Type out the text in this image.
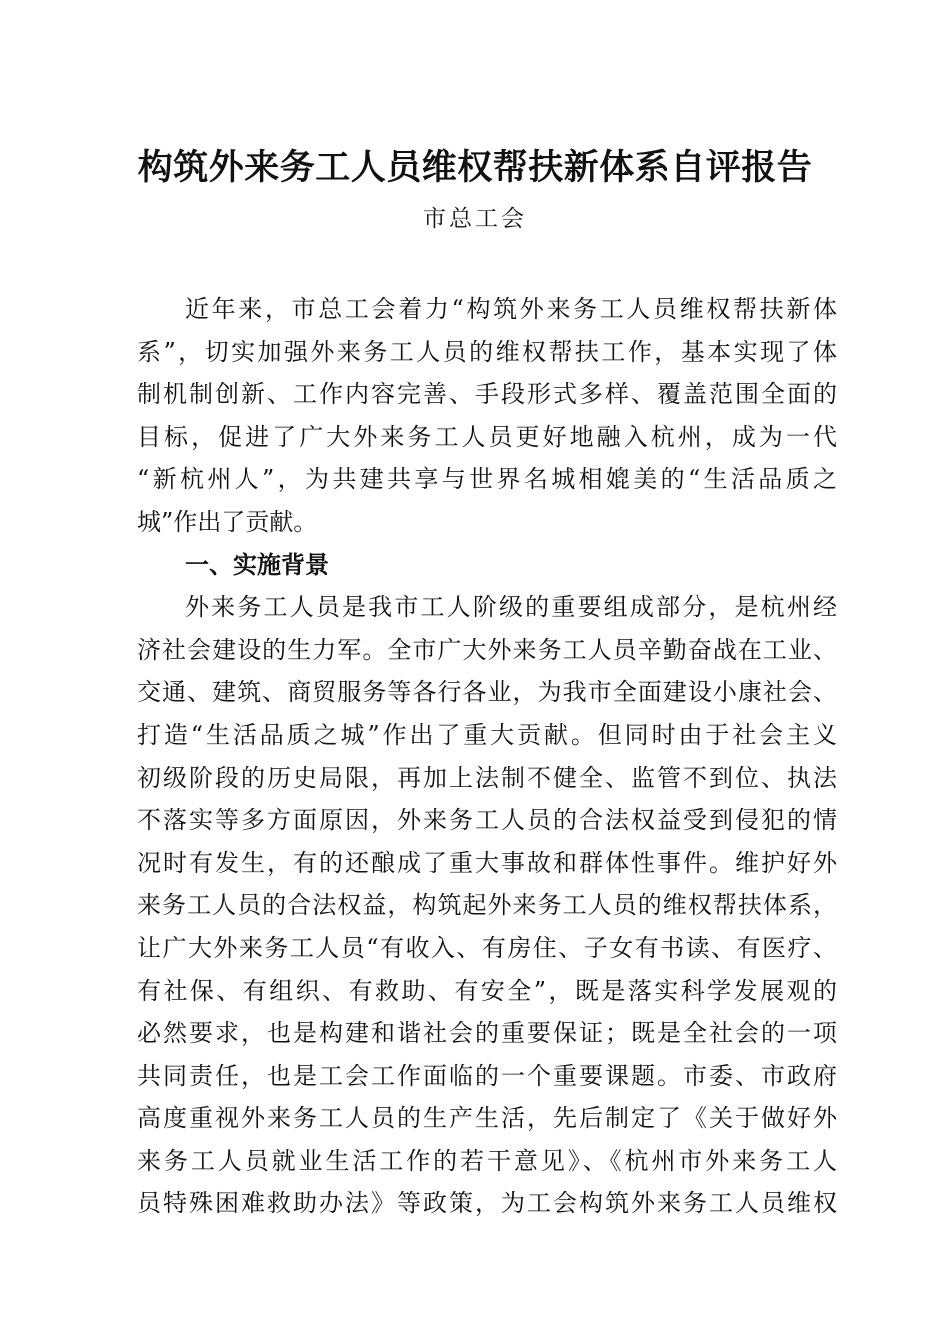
构筑外来务工人员维权帮扶新体系自评报告
市总工会
近年来，市总工会着力“构筑外来务工人员维权帮扶新体
系”，切实加强外来务工人员的维权帮扶工作，基本实现了体
制机制创新、工作内容完善、手段形式多样、覆盖范围全面的
目标，促进了广大外来务工人员更好地融入杭州，成为一代
“新杭州人”，为共建共享与世界名城相媲美的“生活品质之
城”作出了贡献。
一、实施背景
外来务工人员是我市工人阶级的重要组成部分，是杭州经
济社会建设的生力军。全市广大外来务工人员辛勤奋战在工业、
交通、建筑、商贸服务等各行各业，为我市全面建设小康社会、
打造“生活品质之城”作出了重大贡献。但同时由于社会主义
初级阶段的历史局限，再加上法制不健全、监管不到位、执法
不落实等多方面原因，外来务工人员的合法权益受到侵犯的情
况时有发生，有的还酿成了重大事故和群体性事件。维护好外
来务工人员的合法权益，构筑起外来务工人员的维权帮扶体系，
让广大外来务工人员“有收入、有房住、子女有书读、有医疗、
有社保、有组织、有救助、有安全”，既是落实科学发展观的
必然要求，也是构建和谐社会的重要保证；既是全社会的一项
共同责任，也是工会工作面临的一个重要课题。市委、市政府
高度重视外来务工人员的生产生活，先后制定了《关于做好外
来务工人员就业生活工作的若干意见》、《杭州市外来务工人
员特殊困难救助办法》等政策，为工会构筑外来务工人员维权
